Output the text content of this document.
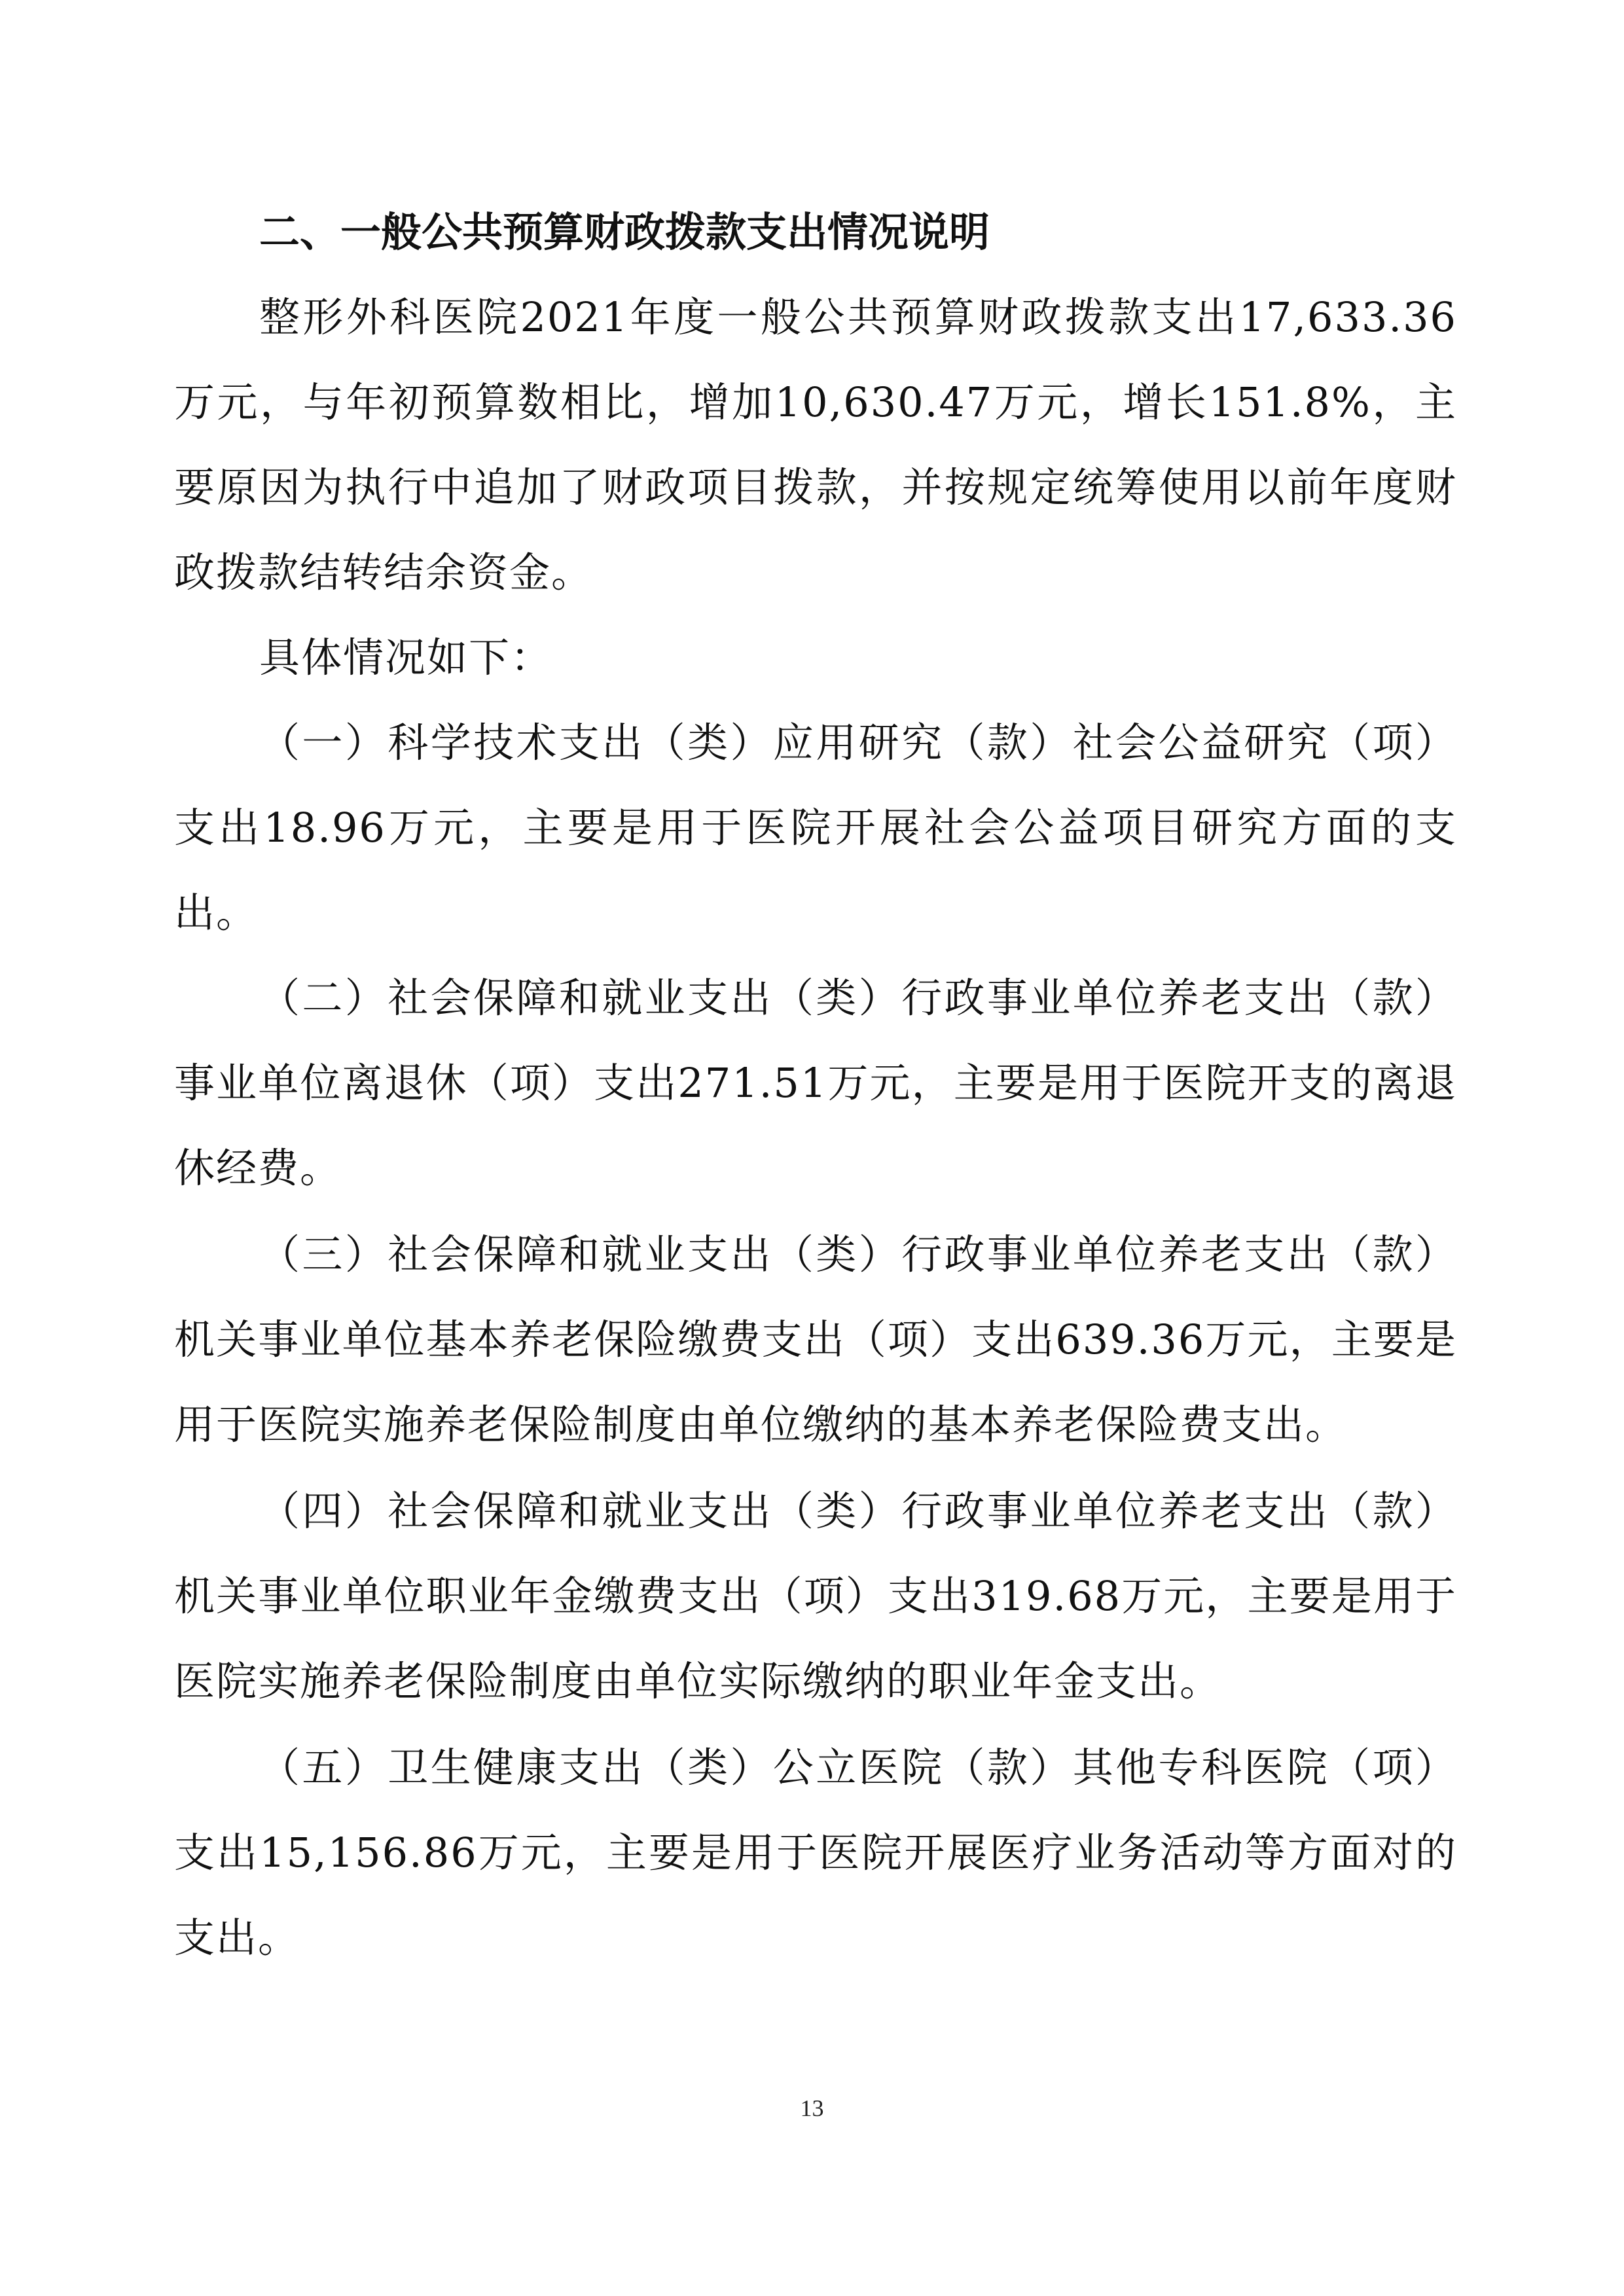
二、一般公共预算财政拨款支出情况说明

整形外科医院2021年度一般公共预算财政拨款支出17,633.36万元，与年初预算数相比，增加10,630.47万元，增长151.8%，主要原因为执行中追加了财政项目拨款，并按规定统筹使用以前年度财政拨款结转结余资金。

具体情况如下：

（一）科学技术支出（类）应用研究（款）社会公益研究（项）支出18.96万元，主要是用于医院开展社会公益项目研究方面的支出。

（二）社会保障和就业支出（类）行政事业单位养老支出（款）事业单位离退休（项）支出271.51万元，主要是用于医院开支的离退休经费。

（三）社会保障和就业支出（类）行政事业单位养老支出（款）机关事业单位基本养老保险缴费支出（项）支出639.36万元，主要是用于医院实施养老保险制度由单位缴纳的基本养老保险费支出。

（四）社会保障和就业支出（类）行政事业单位养老支出（款）机关事业单位职业年金缴费支出（项）支出319.68万元，主要是用于医院实施养老保险制度由单位实际缴纳的职业年金支出。

（五）卫生健康支出（类）公立医院（款）其他专科医院（项）支出15,156.86万元，主要是用于医院开展医疗业务活动等方面对的支出。

13
